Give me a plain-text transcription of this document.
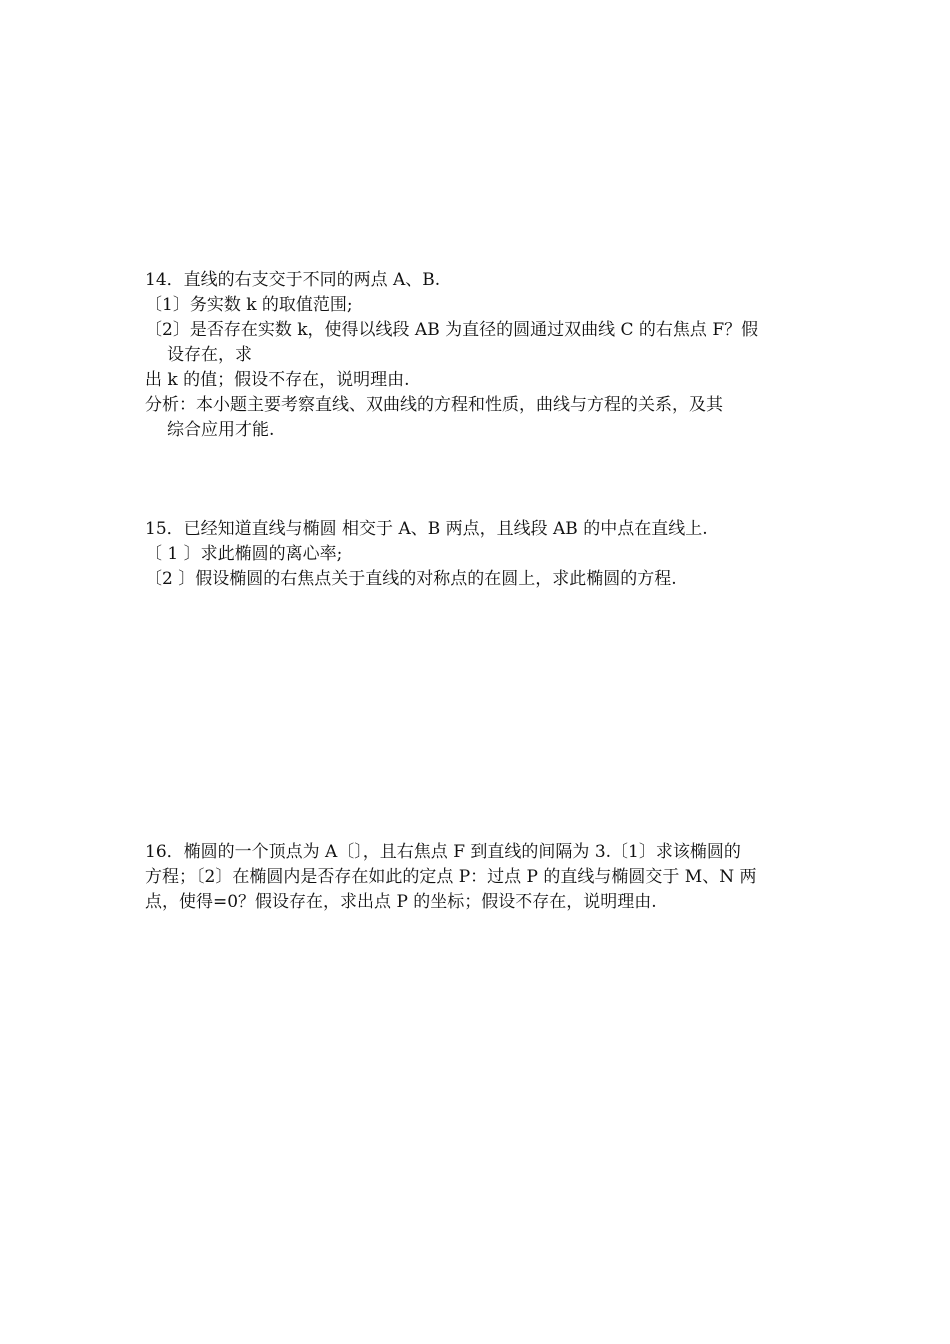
14．直线的右支交于不同的两点 A、B.
〔1〕务实数 k 的取值范围;
〔2〕是否存在实数 k，使得以线段 AB 为直径的圆通过双曲线 C 的右焦点 F？假
设存在，求
出 k 的值；假设不存在，说明理由.
分析：本小题主要考察直线、双曲线的方程和性质，曲线与方程的关系，及其
综合应用才能.
15．已经知道直线与椭圆 相交于 A、B 两点，且线段 AB 的中点在直线上.
〔 1 〕求此椭圆的离心率;
〔2 〕假设椭圆的右焦点关于直线的对称点的在圆上，求此椭圆的方程.
16．椭圆的一个顶点为 A〔〕，且右焦点 F 到直线的间隔为 3.〔1〕求该椭圆的
方程；〔2〕在椭圆内是否存在如此的定点 P：过点 P 的直线与椭圆交于 M、N 两
点，使得=0？假设存在，求出点 P 的坐标；假设不存在，说明理由.
